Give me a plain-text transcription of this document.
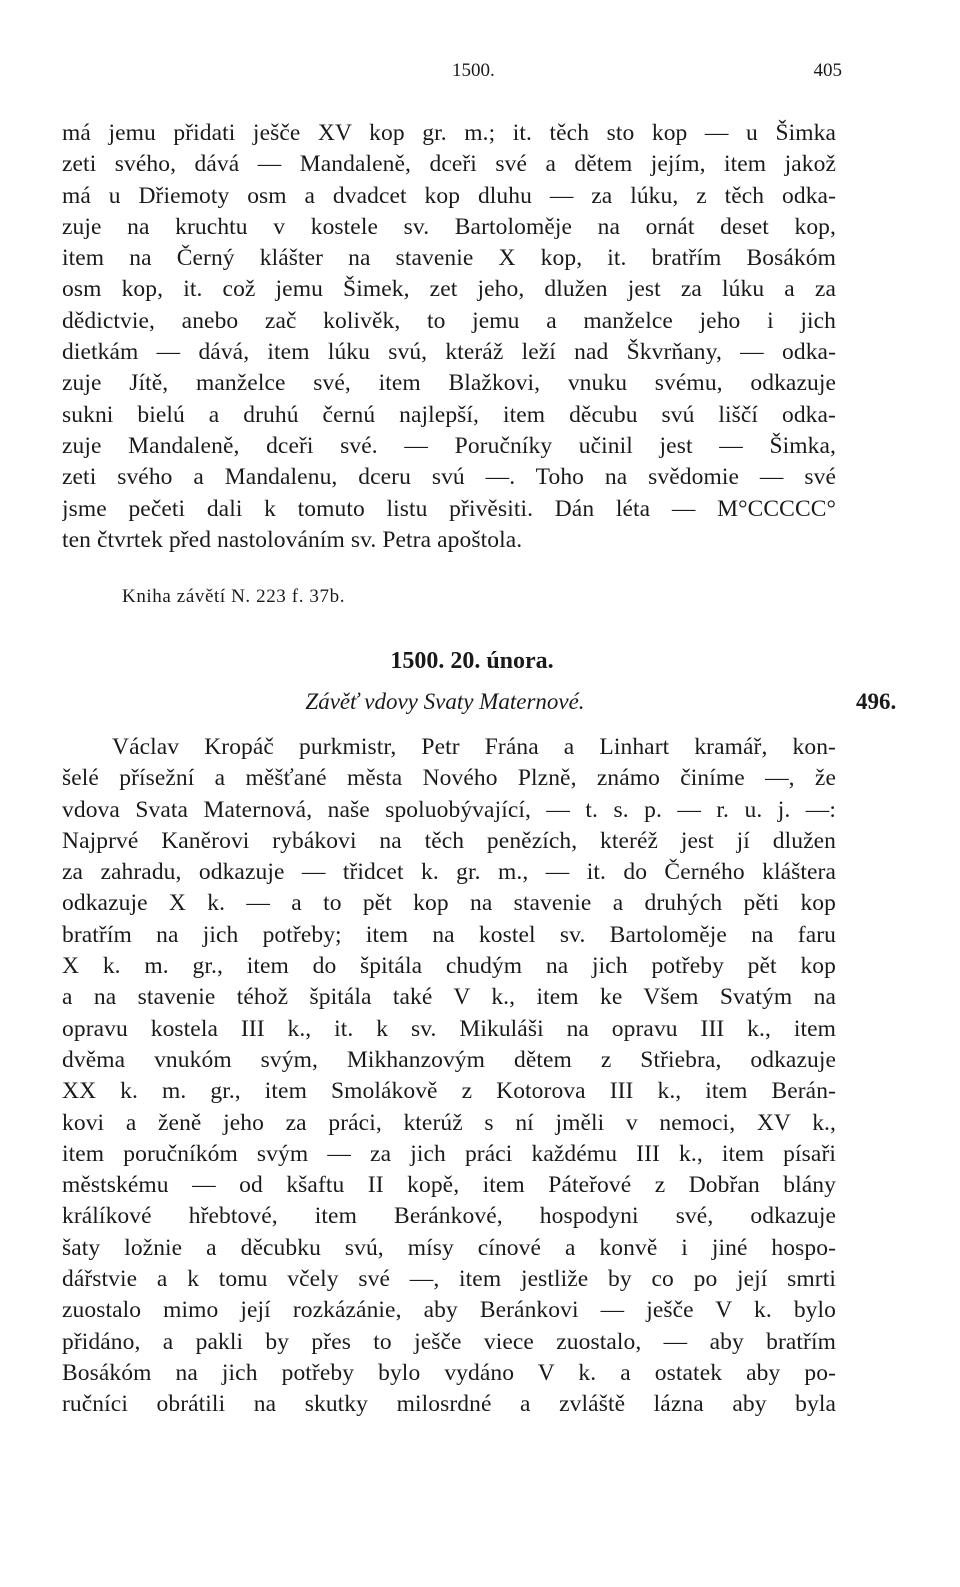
1500.	405
má jemu přidati ješče XV kop gr. m.; it. těch sto kop — u Šimka
zeti svého, dává — Mandaleně, dceři své a dětem jejím, item jakož
má u Dřiemoty osm a dvadcet kop dluhu — za lúku, z těch odka-
zuje na kruchtu v kostele sv. Bartoloměje na ornát deset kop,
item na Černý klášter na stavenie X kop, it. bratřím Bosákóm
osm kop, it. což jemu Šimek, zet jeho, dlužen jest za lúku a za
dědictvie, anebo zač kolivěk, to jemu a manželce jeho i jich
dietkám — dává, item lúku svú, kteráž leží nad Škvrňany, — odka-
zuje Jítě, manželce své, item Blažkovi, vnuku svému, odkazuje
sukni bielú a druhú černú najlepší, item děcubu svú liščí odka-
zuje Mandaleně, dceři své. — Poručníky učinil jest — Šimka,
zeti svého a Mandalenu, dceru svú —. Toho na svědomie — své
jsme pečeti dali k tomuto listu přivěsiti. Dán léta — M°CCCCC°
ten čtvrtek před nastolováním sv. Petra apoštola.
Kniha závětí N. 223 f. 37b.
1500. 20. února.
Závěť vdovy Svaty Maternové.	496.
Václav Kropáč purkmistr, Petr Frána a Linhart kramář, kon-
šelé přísežní a měšťané města Nového Plzně, známo činíme —, že
vdova Svata Maternová, naše spoluobývající, — t. s. p. — r. u. j. —:
Najprvé Kaněrovi rybákovi na těch penězích, kteréž jest jí dlužen
za zahradu, odkazuje — třidcet k. gr. m., — it. do Černého kláštera
odkazuje X k. — a to pět kop na stavenie a druhých pěti kop
bratřím na jich potřeby; item na kostel sv. Bartoloměje na faru
X k. m. gr., item do špitála chudým na jich potřeby pět kop
a na stavenie téhož špitála také V k., item ke Všem Svatým na
opravu kostela III k., it. k sv. Mikuláši na opravu III k., item
dvěma vnukóm svým, Mikhanzovým dětem z Střiebra, odkazuje
XX k. m. gr., item Smolákově z Kotorova III k., item Berán-
kovi a ženě jeho za práci, kterúž s ní jměli v nemoci, XV k.,
item poručníkóm svým — za jich práci každému III k., item písaři
městskému — od kšaftu II kopě, item Páteřové z Dobřan blány
králíkové hřebtové, item Beránkové, hospodyni své, odkazuje
šaty ložnie a děcubku svú, mísy cínové a konvě i jiné hospo-
dářstvie a k tomu včely své —, item jestliže by co po její smrti
zuostalo mimo její rozkázánie, aby Beránkovi — ješče V k. bylo
přidáno, a pakli by přes to ješče viece zuostalo, — aby bratřím
Bosákóm na jich potřeby bylo vydáno V k. a ostatek aby po-
ručníci obrátili na skutky milosrdné a zvláště lázna aby byla
